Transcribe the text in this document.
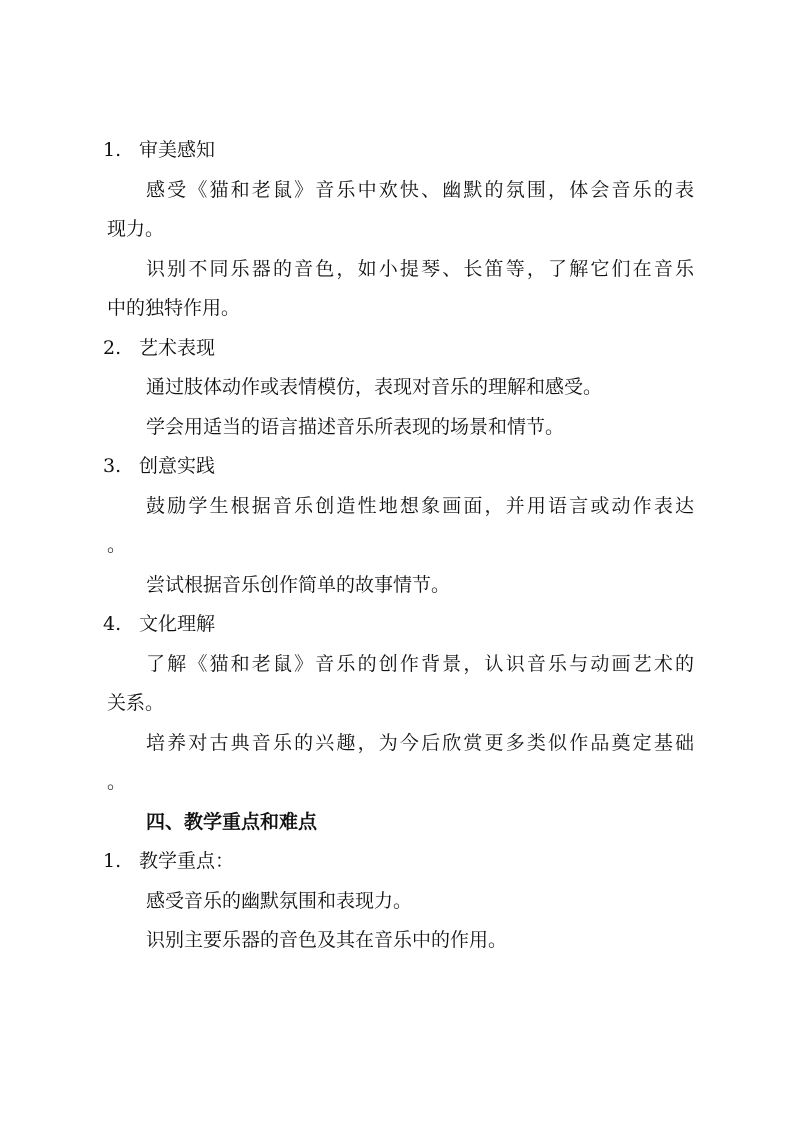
1. 审美感知
感受《猫和老鼠》音乐中欢快、幽默的氛围，体会音乐的表
现力。
识别不同乐器的音色，如小提琴、长笛等，了解它们在音乐
中的独特作用。
2. 艺术表现
通过肢体动作或表情模仿，表现对音乐的理解和感受。
学会用适当的语言描述音乐所表现的场景和情节。
3. 创意实践
鼓励学生根据音乐创造性地想象画面，并用语言或动作表达
。
尝试根据音乐创作简单的故事情节。
4. 文化理解
了解《猫和老鼠》音乐的创作背景，认识音乐与动画艺术的
关系。
培养对古典音乐的兴趣，为今后欣赏更多类似作品奠定基础
。
四、教学重点和难点
1. 教学重点：
感受音乐的幽默氛围和表现力。
识别主要乐器的音色及其在音乐中的作用。
